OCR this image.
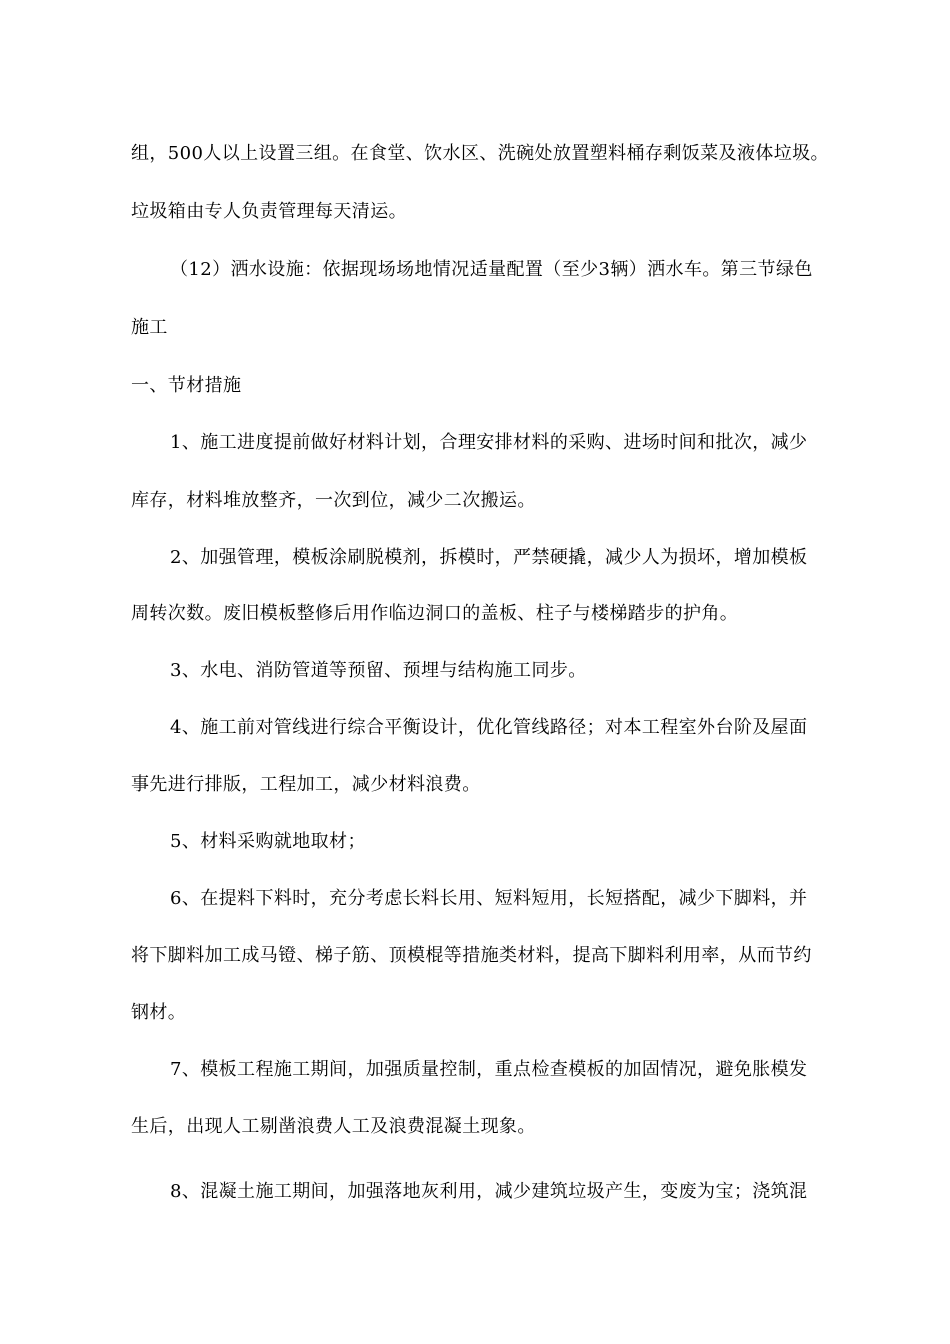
组，500人以上设置三组。在食堂、饮水区、洗碗处放置塑料桶存剩饭菜及液体垃圾。
垃圾箱由专人负责管理每天清运。
（12）洒水设施：依据现场场地情况适量配置（至少3辆）洒水车。第三节绿色
施工
一、节材措施
1、施工进度提前做好材料计划，合理安排材料的采购、进场时间和批次，减少
库存，材料堆放整齐，一次到位，减少二次搬运。
2、加强管理，模板涂刷脱模剂，拆模时，严禁硬撬，减少人为损坏，增加模板
周转次数。废旧模板整修后用作临边洞口的盖板、柱子与楼梯踏步的护角。
3、水电、消防管道等预留、预埋与结构施工同步。
4、施工前对管线进行综合平衡设计，优化管线路径；对本工程室外台阶及屋面
事先进行排版，工程加工，减少材料浪费。
5、材料采购就地取材；
6、在提料下料时，充分考虑长料长用、短料短用，长短搭配，减少下脚料，并
将下脚料加工成马镫、梯子筋、顶模棍等措施类材料，提高下脚料利用率，从而节约
钢材。
7、模板工程施工期间，加强质量控制，重点检查模板的加固情况，避免胀模发
生后，出现人工剔凿浪费人工及浪费混凝土现象。
8、混凝土施工期间，加强落地灰利用，减少建筑垃圾产生，变废为宝；浇筑混
